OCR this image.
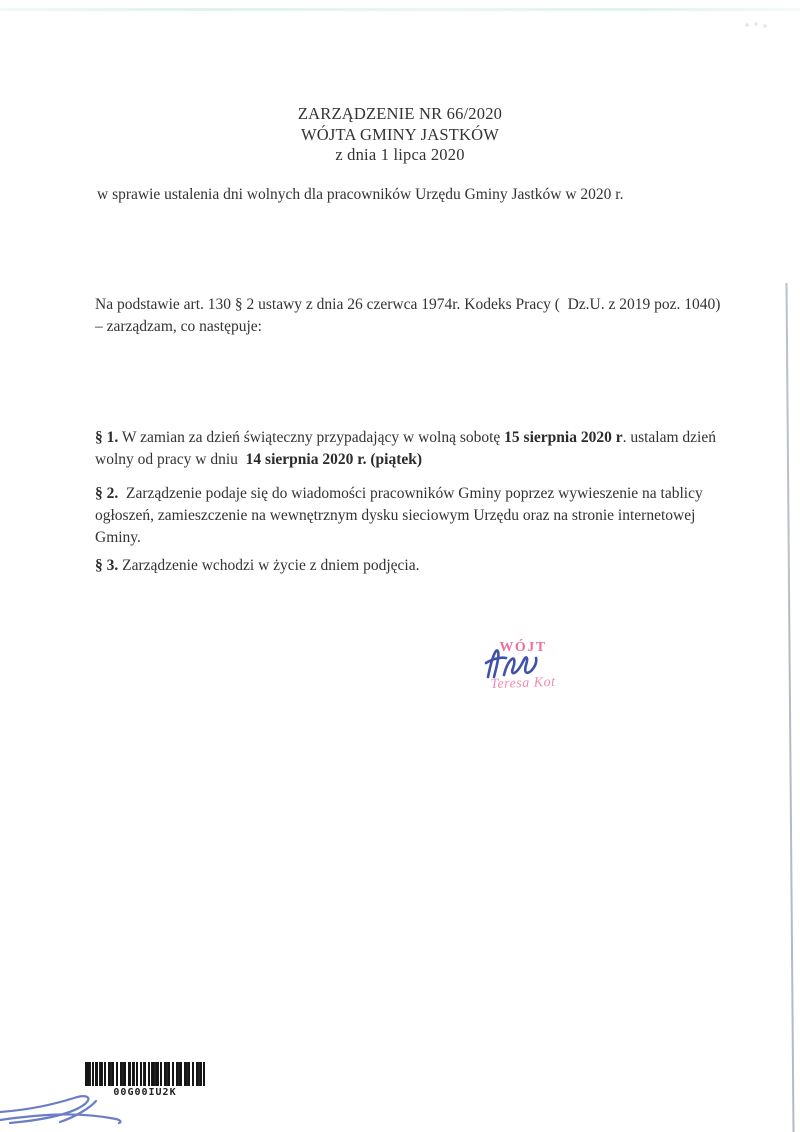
ZARZĄDZENIE NR 66/2020
WÓJTA GMINY JASTKÓW
z dnia 1 lipca 2020

w sprawie ustalenia dni wolnych dla pracowników Urzędu Gminy Jastków w 2020 r.

Na podstawie art. 130 § 2 ustawy z dnia 26 czerwca 1974r. Kodeks Pracy (  Dz.U. z 2019 poz. 1040) – zarządzam, co następuje:

§ 1. W zamian za dzień świąteczny przypadający w wolną sobotę 15 sierpnia 2020 r. ustalam dzień wolny od pracy w dniu  14 sierpnia 2020 r. (piątek)

§ 2.  Zarządzenie podaje się do wiadomości pracowników Gminy poprzez wywieszenie na tablicy ogłoszeń, zamieszczenie na wewnętrznym dysku sieciowym Urzędu oraz na stronie internetowej Gminy.

§ 3. Zarządzenie wchodzi w życie z dniem podjęcia.

WÓJT
Teresa Kot
00G00IU2K
